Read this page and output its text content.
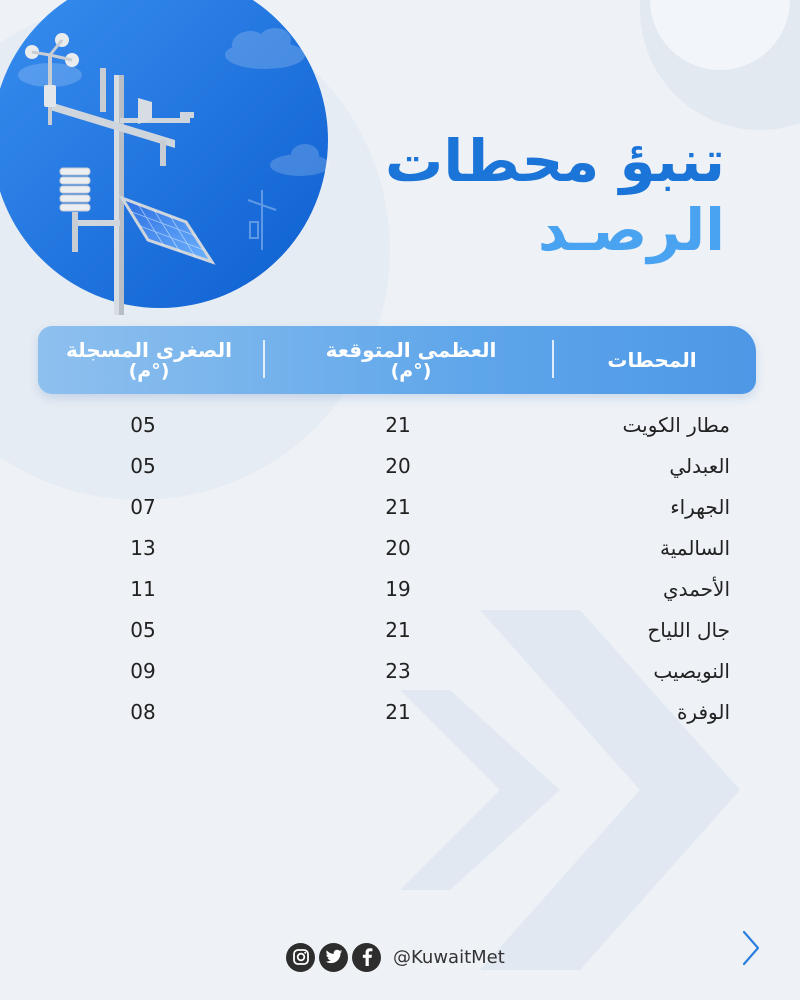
تنبؤ محطات
الرصـد
المحطات
العظمى المتوقعة
(°م)
الصغرى المسجلة
(°م)
مطار الكويت
21
05
العبدلي
20
05
الجهراء
21
07
السالمية
20
13
الأحمدي
19
11
جال اللياح
21
05
النويصيب
23
09
الوفرة
21
08
@KuwaitMet
